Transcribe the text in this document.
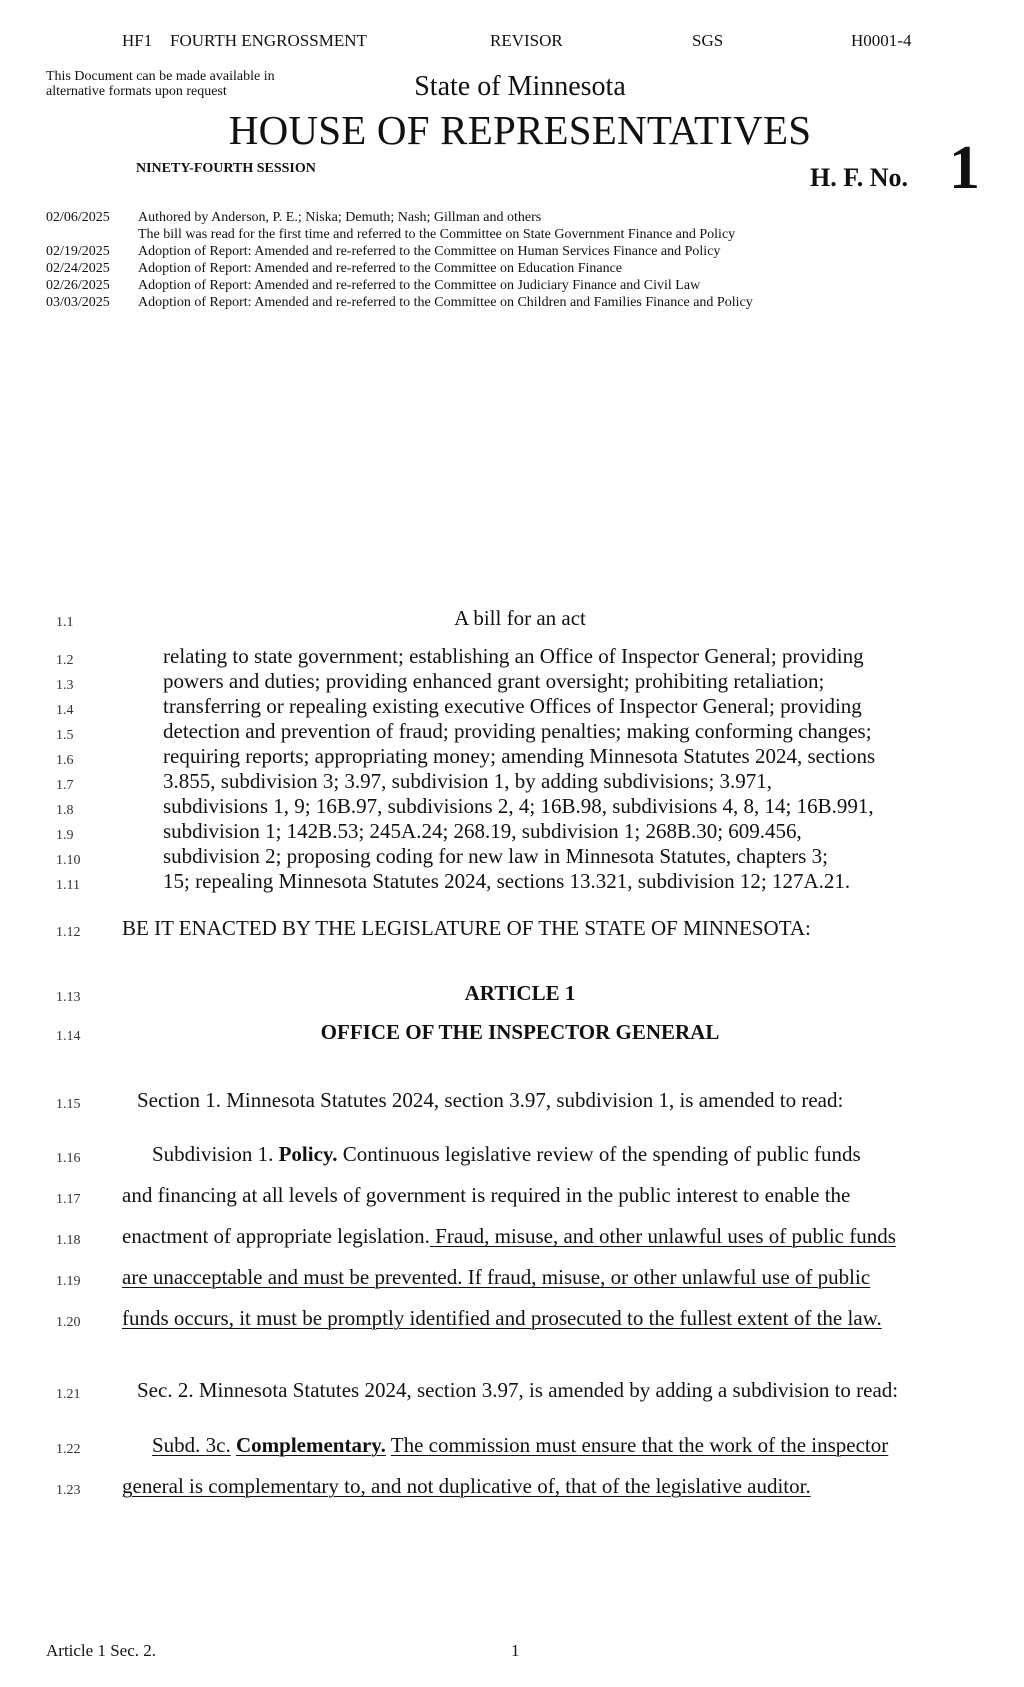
HF1 FOURTH ENGROSSMENT	REVISOR	SGS	H0001-4
This Document can be made available in alternative formats upon request	State of Minnesota
HOUSE OF REPRESENTATIVES
NINETY-FOURTH SESSION	H. F. No. 1
02/06/2025 Authored by Anderson, P. E.; Niska; Demuth; Nash; Gillman and others
The bill was read for the first time and referred to the Committee on State Government Finance and Policy
02/19/2025 Adoption of Report: Amended and re-referred to the Committee on Human Services Finance and Policy
02/24/2025 Adoption of Report: Amended and re-referred to the Committee on Education Finance
02/26/2025 Adoption of Report: Amended and re-referred to the Committee on Judiciary Finance and Civil Law
03/03/2025 Adoption of Report: Amended and re-referred to the Committee on Children and Families Finance and Policy
1.1	A bill for an act
1.2	relating to state government; establishing an Office of Inspector General; providing
1.3	powers and duties; providing enhanced grant oversight; prohibiting retaliation;
1.4	transferring or repealing existing executive Offices of Inspector General; providing
1.5	detection and prevention of fraud; providing penalties; making conforming changes;
1.6	requiring reports; appropriating money; amending Minnesota Statutes 2024, sections
1.7	3.855, subdivision 3; 3.97, subdivision 1, by adding subdivisions; 3.971,
1.8	subdivisions 1, 9; 16B.97, subdivisions 2, 4; 16B.98, subdivisions 4, 8, 14; 16B.991,
1.9	subdivision 1; 142B.53; 245A.24; 268.19, subdivision 1; 268B.30; 609.456,
1.10	subdivision 2; proposing coding for new law in Minnesota Statutes, chapters 3;
1.11	15; repealing Minnesota Statutes 2024, sections 13.321, subdivision 12; 127A.21.
1.12	BE IT ENACTED BY THE LEGISLATURE OF THE STATE OF MINNESOTA:
1.13	ARTICLE 1
1.14	OFFICE OF THE INSPECTOR GENERAL
1.15	Section 1. Minnesota Statutes 2024, section 3.97, subdivision 1, is amended to read:
1.16	Subdivision 1. Policy. Continuous legislative review of the spending of public funds
1.17	and financing at all levels of government is required in the public interest to enable the
1.18	enactment of appropriate legislation. Fraud, misuse, and other unlawful uses of public funds
1.19	are unacceptable and must be prevented. If fraud, misuse, or other unlawful use of public
1.20	funds occurs, it must be promptly identified and prosecuted to the fullest extent of the law.
1.21	Sec. 2. Minnesota Statutes 2024, section 3.97, is amended by adding a subdivision to read:
1.22	Subd. 3c. Complementary. The commission must ensure that the work of the inspector
1.23	general is complementary to, and not duplicative of, that of the legislative auditor.
Article 1 Sec. 2.	1
